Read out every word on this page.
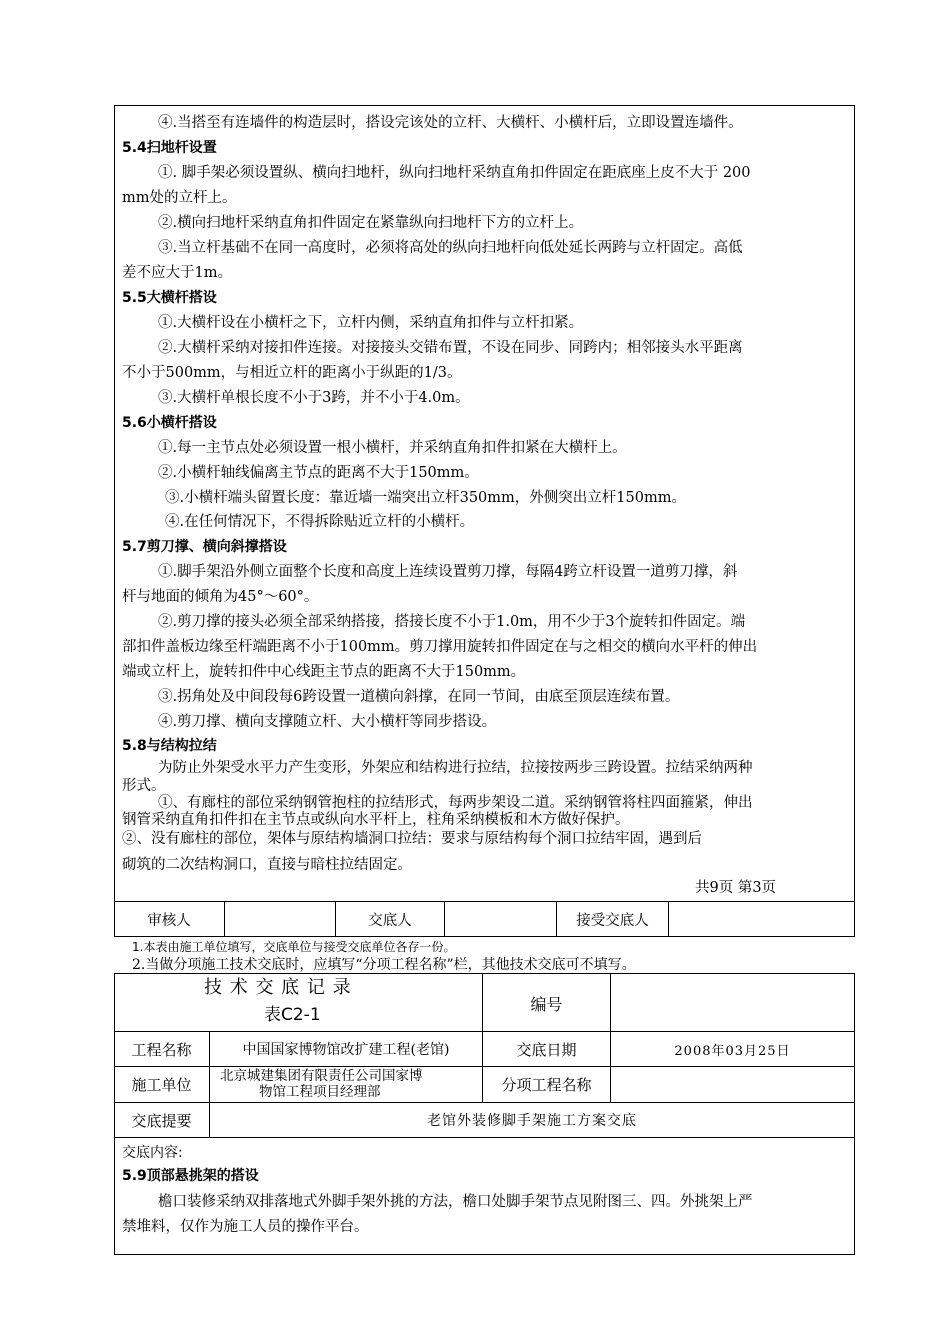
④.当搭至有连墙件的构造层时，搭设完该处的立杆、大横杆、小横杆后，立即设置连墙件。
5.4扫地杆设置
①. 脚手架必须设置纵、横向扫地杆，纵向扫地杆采纳直角扣件固定在距底座上皮不大于 200
mm处的立杆上。
②.横向扫地杆采纳直角扣件固定在紧靠纵向扫地杆下方的立杆上。
③.当立杆基础不在同一高度时，必须将高处的纵向扫地杆向低处延长两跨与立杆固定。高低
差不应大于1m。
5.5大横杆搭设
①.大横杆设在小横杆之下，立杆内侧，采纳直角扣件与立杆扣紧。
②.大横杆采纳对接扣件连接。对接接头交错布置，不设在同步、同跨内；相邻接头水平距离
不小于500mm，与相近立杆的距离小于纵距的1/3。
③.大横杆单根长度不小于3跨，并不小于4.0m。
5.6小横杆搭设
①.每一主节点处必须设置一根小横杆，并采纳直角扣件扣紧在大横杆上。
②.小横杆轴线偏离主节点的距离不大于150mm。
③.小横杆端头留置长度：靠近墙一端突出立杆350mm，外侧突出立杆150mm。
④.在任何情况下，不得拆除贴近立杆的小横杆。
5.7剪刀撑、横向斜撑搭设
①.脚手架沿外侧立面整个长度和高度上连续设置剪刀撑，每隔4跨立杆设置一道剪刀撑，斜
杆与地面的倾角为45°～60°。
②.剪刀撑的接头必须全部采纳搭接，搭接长度不小于1.0m，用不少于3个旋转扣件固定。端
部扣件盖板边缘至杆端距离不小于100mm。剪刀撑用旋转扣件固定在与之相交的横向水平杆的伸出
端或立杆上，旋转扣件中心线距主节点的距离不大于150mm。
③.拐角处及中间段每6跨设置一道横向斜撑，在同一节间，由底至顶层连续布置。
④.剪刀撑、横向支撑随立杆、大小横杆等同步搭设。
5.8与结构拉结
为防止外架受水平力产生变形，外架应和结构进行拉结，拉接按两步三跨设置。拉结采纳两种
形式。
①、有廊柱的部位采纳钢管抱柱的拉结形式，每两步架设二道。采纳钢管将柱四面箍紧，伸出
钢管采纳直角扣件扣在主节点或纵向水平杆上，柱角采纳模板和木方做好保护。
②、没有廊柱的部位，架体与原结构墙洞口拉结：要求与原结构每个洞口拉结牢固，遇到后
砌筑的二次结构洞口，直接与暗柱拉结固定。
共9页 第3页
审核人	交底人	接受交底人
1.本表由施工单位填写，交底单位与接受交底单位各存一份。
2.当做分项施工技术交底时，应填写“分项工程名称”栏，其他技术交底可不填写。
技 术 交 底 记 录
表C2-1
编号
工程名称	中国国家博物馆改扩建工程(老馆)	交底日期	2008年03月25日
施工单位	北京城建集团有限责任公司国家博
物馆工程项目经理部	分项工程名称
交底提要	老馆外装修脚手架施工方案交底
交底内容:
5.9顶部悬挑架的搭设
檐口装修采纳双排落地式外脚手架外挑的方法，檐口处脚手架节点见附图三、四。外挑架上严
禁堆料，仅作为施工人员的操作平台。
